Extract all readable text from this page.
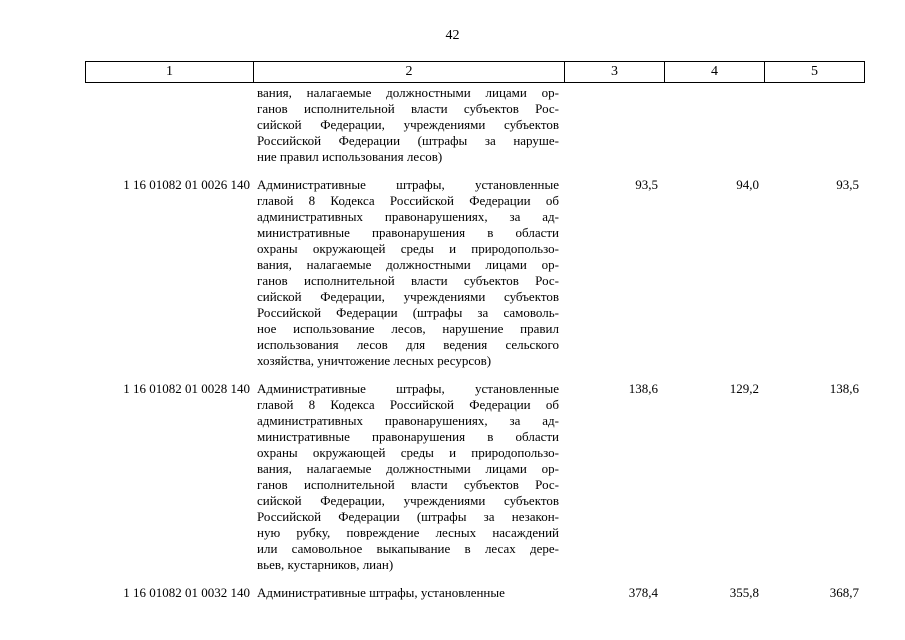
42
1	2	3	4	5
вания, налагаемые должностными лицами ор-
ганов исполнительной власти субъектов Рос-
сийской Федерации, учреждениями субъектов
Российской Федерации (штрафы за наруше-
ние правил использования лесов)
1 16 01082 01 0026 140 Административные штрафы, установленные
главой 8 Кодекса Российской Федерации об
административных правонарушениях, за ад-
министративные правонарушения в области
охраны окружающей среды и природопользо-
вания, налагаемые должностными лицами ор-
ганов исполнительной власти субъектов Рос-
сийской Федерации, учреждениями субъектов
Российской Федерации (штрафы за самоволь-
ное использование лесов, нарушение правил
использования лесов для ведения сельского
хозяйства, уничтожение лесных ресурсов)
93,5	94,0	93,5
1 16 01082 01 0028 140 Административные штрафы, установленные
главой 8 Кодекса Российской Федерации об
административных правонарушениях, за ад-
министративные правонарушения в области
охраны окружающей среды и природопользо-
вания, налагаемые должностными лицами ор-
ганов исполнительной власти субъектов Рос-
сийской Федерации, учреждениями субъектов
Российской Федерации (штрафы за незакон-
ную рубку, повреждение лесных насаждений
или самовольное выкапывание в лесах дере-
вьев, кустарников, лиан)
138,6	129,2	138,6
1 16 01082 01 0032 140 Административные штрафы, установленные	378,4	355,8	368,7
